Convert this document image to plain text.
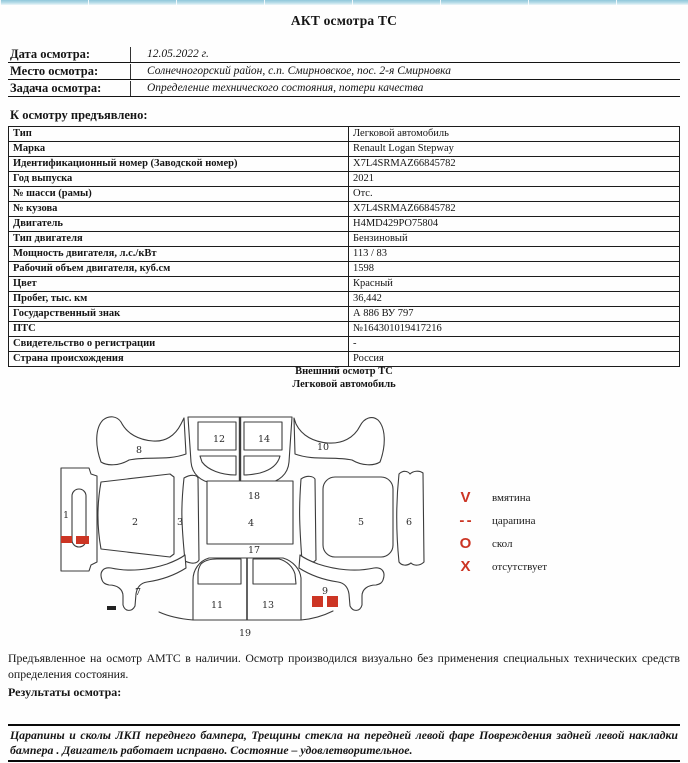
АКТ осмотра ТС
Дата осмотра:	12.05.2022 г.
Место осмотра:	Солнечногорский район, с.п. Смирновское, пос. 2-я Смирновка
Задача осмотра:	Определение технического состояния, потери качества
К осмотру предъявлено:
Тип	Легковой автомобиль
Марка	Renault Logan Stepway
Идентификационный номер (Заводской номер)	X7L4SRMAZ66845782
Год выпуска	2021
№ шасси (рамы)	Отс.
№ кузова	X7L4SRMAZ66845782
Двигатель	H4MD429PO75804
Тип двигателя	Бензиновый
Мощность двигателя, л.с./кВт	113 / 83
Рабочий объем двигателя, куб.см	1598
Цвет	Красный
Пробег, тыс. км	36,442
Государственный знак	А 886 ВУ 797
ПТС	№164301019417216
Свидетельство о регистрации	-
Страна происхождения	Россия
Внешний осмотр ТС
Легковой автомобиль
8
12	14
10
1
2	3
18
4
17
5	6
7
11	13
9
19
V	вмятина
- -	царапина
O	скол
X	отсутствует
Предъявленное на осмотр АМТС в наличии. Осмотр производился визуально без применения специальных технических средств определения состояния.
Результаты осмотра:
Царапины и сколы ЛКП переднего бампера, Трещины стекла на передней левой фаре Повреждения задней левой накладки бампера . Двигатель работает исправно. Состояние – удовлетворительное.
